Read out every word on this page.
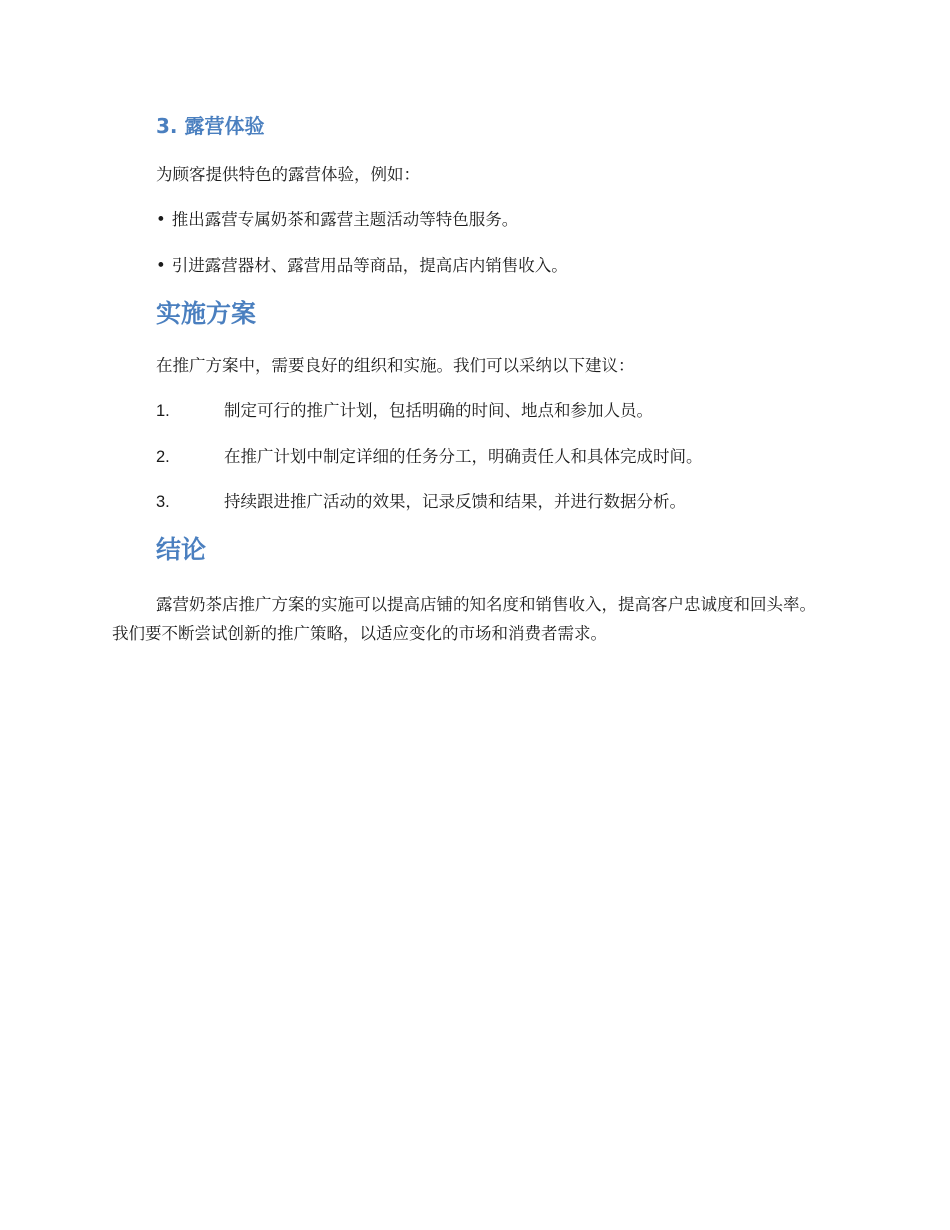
3. 露营体验

为顾客提供特色的露营体验，例如：

• 推出露营专属奶茶和露营主题活动等特色服务。

• 引进露营器材、露营用品等商品，提高店内销售收入。

实施方案

在推广方案中，需要良好的组织和实施。我们可以采纳以下建议：

1.	制定可行的推广计划，包括明确的时间、地点和参加人员。

2.	在推广计划中制定详细的任务分工，明确责任人和具体完成时间。

3.	持续跟进推广活动的效果，记录反馈和结果，并进行数据分析。

结论

露营奶茶店推广方案的实施可以提高店铺的知名度和销售收入，提高客户忠诚度和回头率。我们要不断尝试创新的推广策略，以适应变化的市场和消费者需求。
